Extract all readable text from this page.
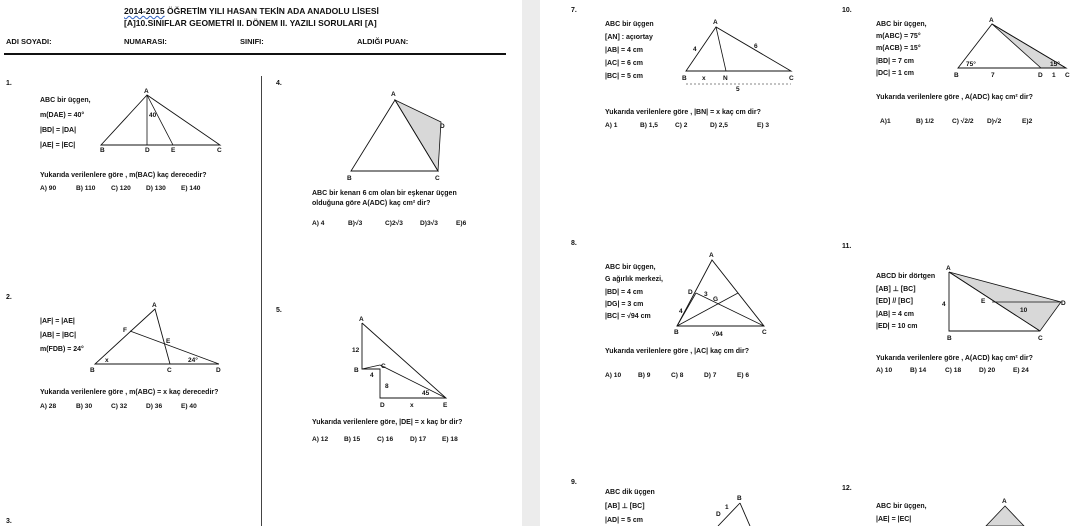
2014-2015 ÖĞRETİM YILI HASAN TEKİN ADA ANADOLU LİSESİ
[A]10.SINIFLAR GEOMETRİ II. DÖNEM II. YAZILI SORULARI [A]
ADI SOYADI:	NUMARASI:	SINIFI:	ALDIĞI PUAN:
1.
ABC bir üçgen,
m(DAE) = 40°
|BD| = |DA|
|AE| = |EC|
A
B	D	E	C
40
Yukarıda verilenlere göre , m(BAC) kaç derecedir?
A) 90	B) 110 C) 120 D) 130 E) 140
2.
|AF| = |AE|
|AB| = |BC|
m(FDB) = 24°
A
F
E
B	C	D
x	24°
Yukarıda verilenlere göre , m(ABC) = x kaç derecedir?
A) 28	B) 30	C) 32	D) 36	E) 40
3.
4.
A
D
B	C
ABC bir kenarı 6 cm olan bir eşkenar üçgen
olduğuna göre A(ADC) kaç cm² dir?
A) 4	B)√3	C)2√3	D)3√3	E)6
5.
A
12
B
C
4
8
45
D	x	E
Yukarıda verilenlere göre, |DE| = x kaç br dir?
A) 12 B) 15	C) 16	D) 17 E) 18
7.
ABC bir üçgen
[AN] : açıortay
|AB| = 4 cm
|AC| = 6 cm
|BC| = 5 cm
A
4	6
B x	N	C
5
Yukarıda verilenlere göre , |BN| = x kaç cm dir?
A) 1	B) 1,5	C) 2	D) 2,5	E) 3
8.
ABC bir üçgen,
G ağırlık merkezi,
|BD| = 4 cm
|DG| = 3 cm
|BC| = √94 cm
A
D 3
G
4
B	√94	C
Yukarıda verilenlere göre , |AC| kaç cm dir?
A) 10	B) 9	C) 8	D) 7	E) 6
9.
ABC dik üçgen
[AB] ⊥ [BC]
|AD| = 5 cm
B
1
D
10.
ABC bir üçgen,
m(ABC) = 75°
m(ACB) = 15°
|BD| = 7 cm
|DC| = 1 cm
A
75°	15°
B	7	D 1 C
Yukarıda verilenlere göre , A(ADC) kaç cm² dir?
A)1	B) 1/2	C) √2/2 D)√2	E)2
11.
ABCD bir dörtgen
[AB] ⊥ [BC]
[ED] // [BC]
|AB| = 4 cm
|ED| = 10 cm
A
E
10
D
4
B	C
Yukarıda verilenlere göre , A(ACD) kaç cm² dir?
A) 10	B) 14	C) 18	D) 20	E) 24
12.
ABC bir üçgen,
|AE| = |EC|
A
